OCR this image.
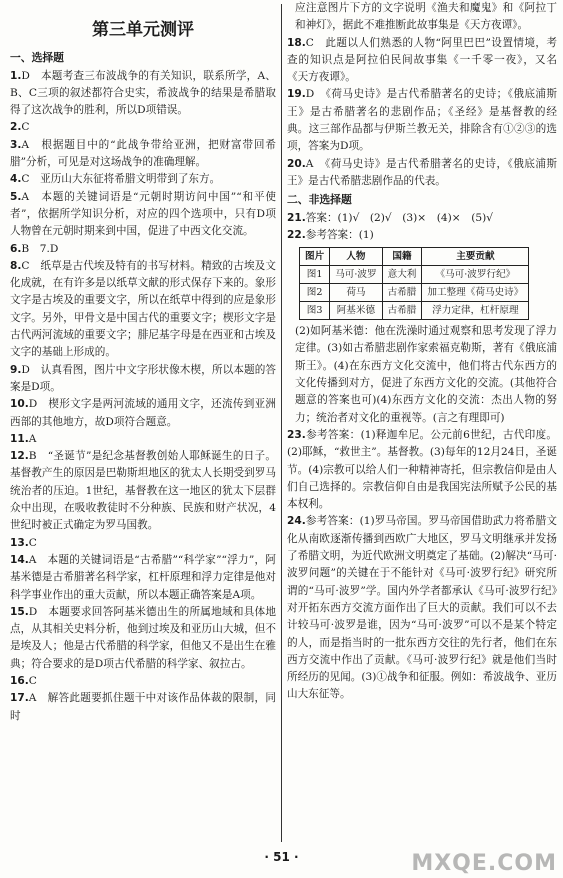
第三单元测评
一、选择题

1.D　本题考查三布波战争的有关知识，联系所学，A、B、C三项的叙述都符合史实，希波战争的结果是希腊取得了这次战争的胜利，所以D项错误。

2.C

3.A　根据题目中的“此战争带给亚洲，把财富带回希腊”分析，可见是对这场战争的准确理解。

4.C　亚历山大东征将希腊文明带到了东方。

5.A　本题的关键词语是“元朝时期访问中国”“和平使者”，依据所学知识分析，对应的四个选项中，只有D项人物曾在元朝时期来到中国，促进了中西文化交流。

6.B　7.D

8.C　纸草是古代埃及特有的书写材料。精致的古埃及文化成就，在有许多是以纸草文献的形式保存下来的。象形文字是古埃及的重要文字，所以在纸草中得到的应是象形文字。另外，甲骨文是中国古代的重要文字；楔形文字是古代两河流域的重要文字；腓尼基字母是在西亚和古埃及文字的基础上形成的。

9.D　认真看图，图片中文字形状像木楔，所以本题的答案是D项。

10.D　楔形文字是两河流域的通用文字，还流传到亚洲西部的其他地方，故D项符合题意。

11.A

12.B　“圣诞节”是纪念基督教创始人耶稣诞生的日子。基督教产生的原因是巴勒斯坦地区的犹太人长期受到罗马统治者的压迫。1世纪，基督教在这一地区的犹太下层群众中出现，在吸收教徒时不分种族、民族和财产状况，4世纪时被正式确定为罗马国教。

13.C

14.A　本题的关键词语是“古希腊”“科学家”“浮力”，阿基米德是古希腊著名科学家，杠杆原理和浮力定律是他对科学事业作出的重大贡献，所以本题正确答案是A项。

15.D　本题要求回答阿基米德出生的所属地域和具体地点，从其相关史料分析，他到过埃及和亚历山大城，但不是埃及人；他是古代希腊的科学家，但他又不是出生在雅典；符合要求的是D项古代希腊的科学家、叙拉古。

16.C

17.A　解答此题要抓住题干中对该作品体裁的限制，同时

应注意图片下方的文字说明《渔夫和魔鬼》和《阿拉丁和神灯》，据此不难推断此故事集是《天方夜谭》。

18.C　此题以人们熟悉的人物“阿里巴巴”设置情境，考查的知识点是阿拉伯民间故事集《一千零一夜》，又名《天方夜谭》。

19.D　《荷马史诗》是古代希腊著名的史诗；《俄底浦斯王》是古希腊著名的悲剧作品；《圣经》是基督教的经典。这三部作品都与伊斯兰教无关，排除含有①②③的选项，答案为D项。

20.A　《荷马史诗》是古代希腊著名的史诗，《俄底浦斯王》是古代希腊悲剧作品的代表。

二、非选择题

21.答案：(1)√　(2)√　(3)×　(4)×　(5)√

22.参考答案：(1)

图片	人物	国籍	主要贡献
图1	马可·波罗	意大利	《马可·波罗行纪》
图2	荷马	古希腊	加工整理《荷马史诗》
图3	阿基米德	古希腊	浮力定律，杠杆原理

(2)如阿基米德：他在洗澡时通过观察和思考发现了浮力定律。(3)如古希腊悲剧作家索福克勒斯，著有《俄底浦斯王》。(4)在东西方文化交流中，他们将古代东西方的文化传播到对方，促进了东西方文化的交流。(其他符合题意的答案也可)(4)东西方文化的交流：杰出人物的努力；统治者对文化的重视等。(言之有理即可)

23.参考答案：(1)释迦牟尼。公元前6世纪，古代印度。(2)耶稣，“救世主”。基督教。(3)每年的12月24日，圣诞节。(4)宗教可以给人们一种精神寄托，但宗教信仰是由人们自己选择的。宗教信仰自由是我国宪法所赋予公民的基本权利。

24.参考答案：(1)罗马帝国。罗马帝国借助武力将希腊文化从南欧逐渐传播到西欧广大地区，罗马文明继承并发扬了希腊文明，为近代欧洲文明奠定了基础。(2)解决“马可·波罗问题”的关键在于不能针对《马可·波罗行纪》研究所谓的“马可·波罗”学。国内外学者都承认《马可·波罗行纪》对开拓东西方交流方面作出了巨大的贡献。我们可以不去计较马可·波罗是谁，因为“马可·波罗”可以不是某个特定的人，而是指当时的一批东西方交往的先行者，他们在东西方交流中作出了贡献。《马可·波罗行纪》就是他们当时所经历的见闻。(3)①战争和征服。例如：希波战争、亚历山大东征等。

· 51 ·	MXQE.COM
